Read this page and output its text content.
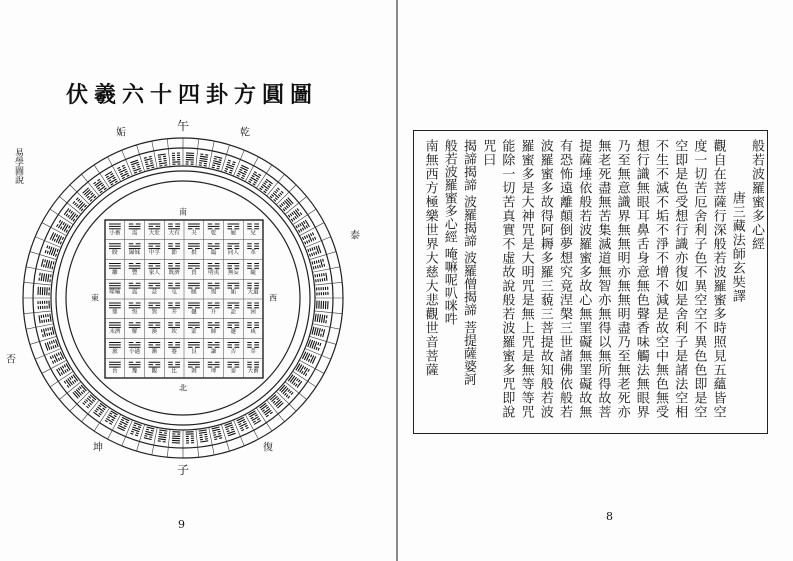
伏羲六十四卦方圓圖
易學圖說
小畜 需 大壯 大有 夬	乾	履	兌
睽 歸妹 中孚 節	損	臨 同人 革
離	豐 家人 既濟 賁 明夷 無妄 隨
噬嗑 震	益	屯	頤	復	姤 大過
鼎	恆	巽	井	蠱	升	訟	困
未濟 解	渙	坎	蒙	師	遯	咸
旅 小過 漸	蹇	艮	謙	否	萃
晉	豫	觀	比	剝	坤	泰 大畜
南
北
東	西
午
子
姤	乾
否
泰
坤	復
9
8
般若波羅蜜多心經
唐三藏法師玄奘譯
觀自在菩薩行深般若波羅蜜多時照見五蘊皆空
度一切苦厄舍利子色不異空空不異色色即是空
空即是色受想行識亦復如是舍利子是諸法空相
不生不滅不垢不淨不增不減是故空中無色無受
想行識無眼耳鼻舌身意無色聲香味觸法無眼界
乃至無意識界無無明亦無無明盡乃至無老死亦
無老死盡無苦集滅道無智亦無得以無所得故菩
提薩埵依般若波羅蜜多故心無罣礙無罣礙故無
有恐怖遠離顛倒夢想究竟涅槃三世諸佛依般若
波羅蜜多故得阿耨多羅三藐三菩提故知般若波
羅蜜多是大神咒是大明咒是無上咒是無等等咒
能除一切苦真實不虛故說般若波羅蜜多咒即說
咒曰
揭諦揭諦 波羅揭諦 波羅僧揭諦 菩提薩婆訶
般若波羅蜜多心經 唵嘛呢叭咪吽
南無西方極樂世界大慈大悲觀世音菩薩
